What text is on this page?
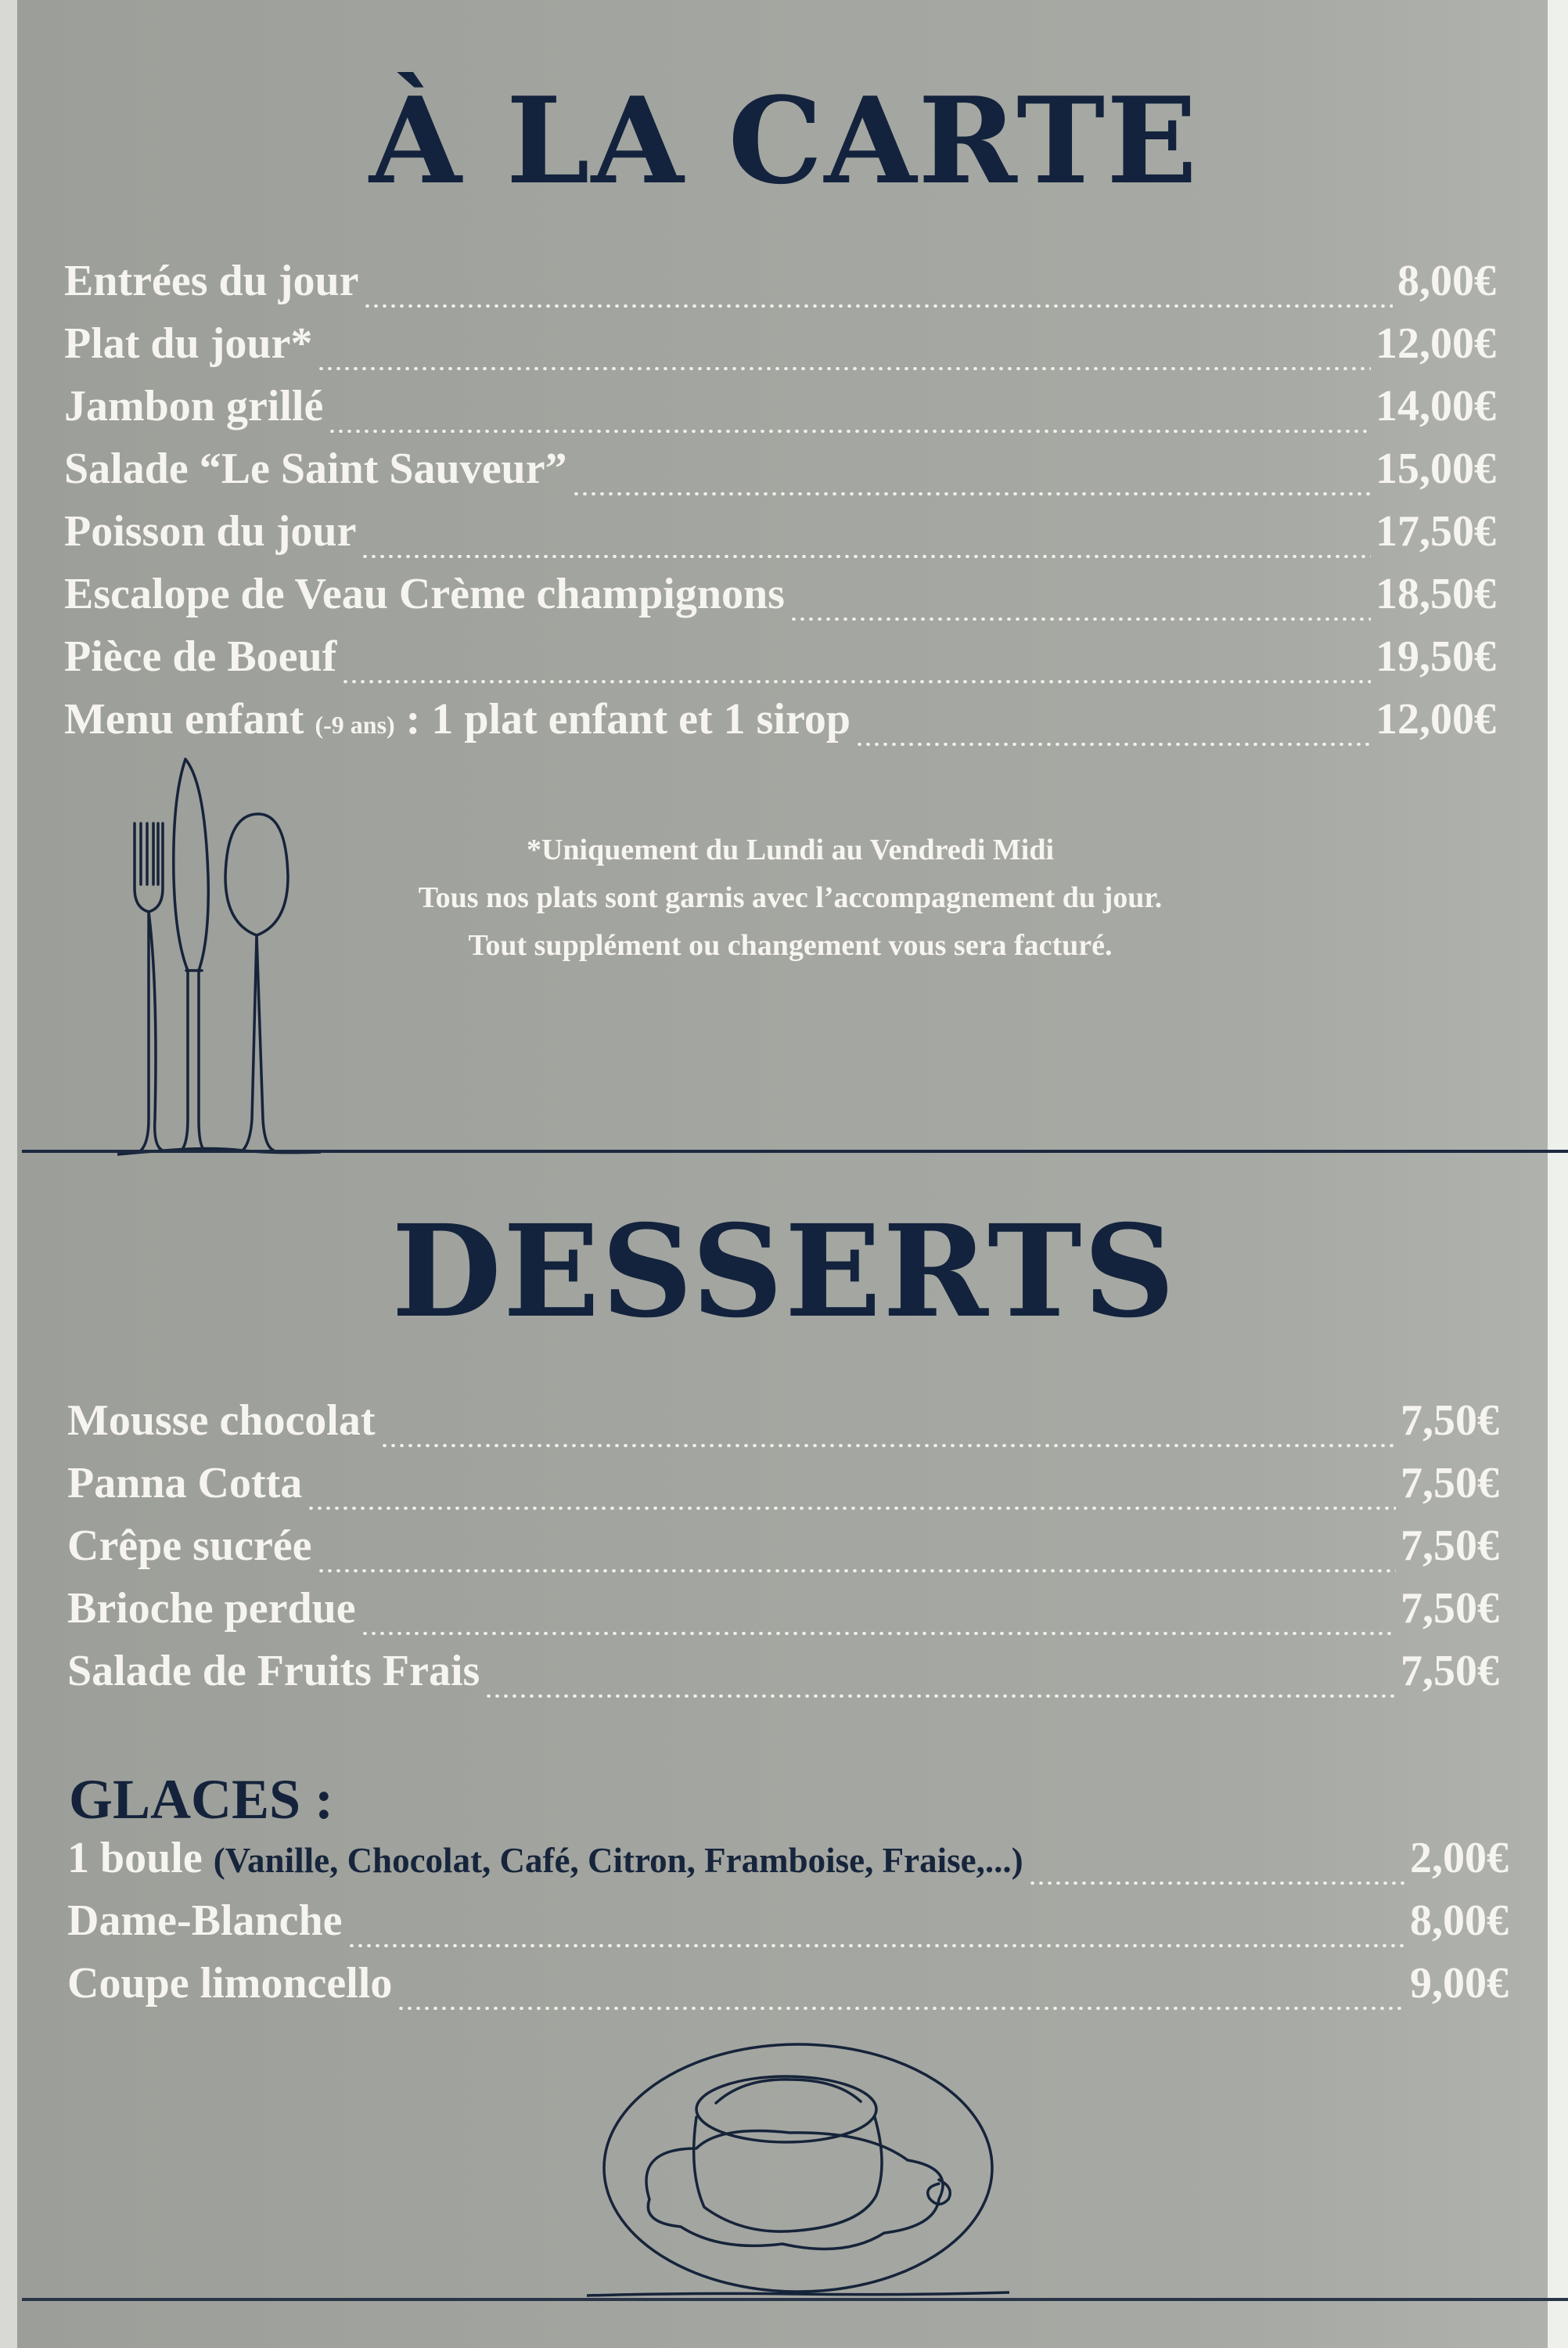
À LA CARTE
Entrées du jour	8,00€
Plat du jour*	12,00€
Jambon grillé	14,00€
Salade “Le Saint Sauveur”	15,00€
Poisson du jour	17,50€
Escalope de Veau Crème champignons	18,50€
Pièce de Boeuf	19,50€
Menu enfant (-9 ans) : 1 plat enfant et 1 sirop	12,00€
*Uniquement du Lundi au Vendredi Midi
Tous nos plats sont garnis avec l’accompagnement du jour.
Tout supplément ou changement vous sera facturé.
DESSERTS
Mousse chocolat	7,50€
Panna Cotta	7,50€
Crêpe sucrée	7,50€
Brioche perdue	7,50€
Salade de Fruits Frais	7,50€
GLACES :
1 boule (Vanille, Chocolat, Café, Citron, Framboise, Fraise,...)	2,00€
Dame-Blanche	8,00€
Coupe limoncello	9,00€
